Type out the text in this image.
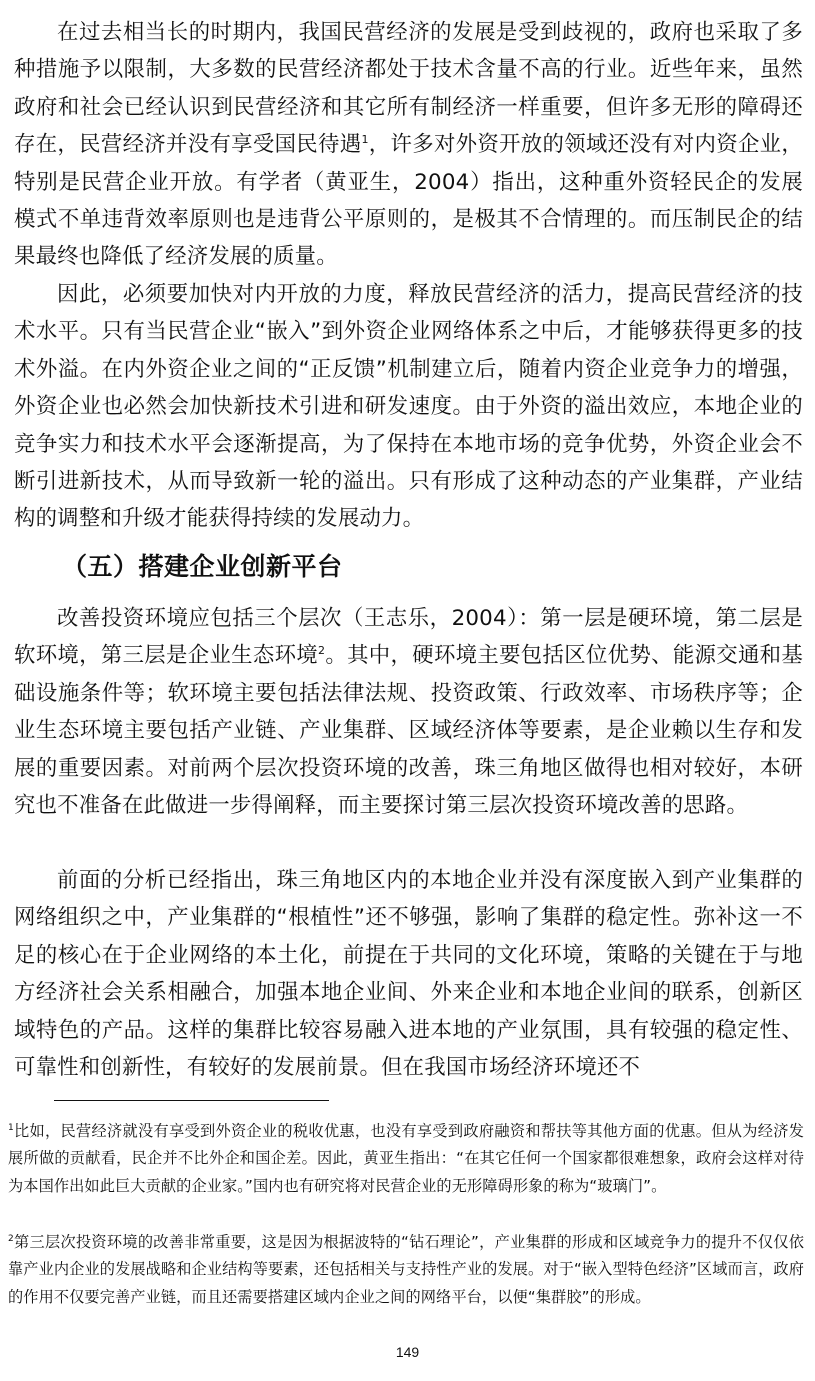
在过去相当长的时期内，我国民营经济的发展是受到歧视的，政府也采取了多种措施予以限制，大多数的民营经济都处于技术含量不高的行业。近些年来，虽然政府和社会已经认识到民营经济和其它所有制经济一样重要，但许多无形的障碍还存在，民营经济并没有享受国民待遇$^1$，许多对外资开放的领域还没有对内资企业，特别是民营企业开放。有学者（黄亚生，2004）指出，这种重外资轻民企的发展模式不单违背效率原则也是违背公平原则的，是极其不合情理的。而压制民企的结果最终也降低了经济发展的质量。

因此，必须要加快对内开放的力度，释放民营经济的活力，提高民营经济的技术水平。只有当民营企业“嵌入”到外资企业网络体系之中后，才能够获得更多的技术外溢。在内外资企业之间的“正反馈”机制建立后，随着内资企业竞争力的增强，外资企业也必然会加快新技术引进和研发速度。由于外资的溢出效应，本地企业的竞争实力和技术水平会逐渐提高，为了保持在本地市场的竞争优势，外资企业会不断引进新技术，从而导致新一轮的溢出。只有形成了这种动态的产业集群，产业结构的调整和升级才能获得持续的发展动力。

（五）搭建企业创新平台

改善投资环境应包括三个层次（王志乐，2004）：第一层是硬环境，第二层是软环境，第三层是企业生态环境$^2$。其中，硬环境主要包括区位优势、能源交通和基础设施条件等；软环境主要包括法律法规、投资政策、行政效率、市场秩序等；企业生态环境主要包括产业链、产业集群、区域经济体等要素，是企业赖以生存和发展的重要因素。对前两个层次投资环境的改善，珠三角地区做得也相对较好，本研究也不准备在此做进一步得阐释，而主要探讨第三层次投资环境改善的思路。

前面的分析已经指出，珠三角地区内的本地企业并没有深度嵌入到产业集群的网络组织之中，产业集群的“根植性”还不够强，影响了集群的稳定性。弥补这一不足的核心在于企业网络的本土化，前提在于共同的文化环境，策略的关键在于与地方经济社会关系相融合，加强本地企业间、外来企业和本地企业间的联系，创新区域特色的产品。这样的集群比较容易融入进本地的产业氛围，具有较强的稳定性、可靠性和创新性，有较好的发展前景。但在我国市场经济环境还不

$^1$比如，民营经济就没有享受到外资企业的税收优惠，也没有享受到政府融资和帮扶等其他方面的优惠。但从为经济发展所做的贡献看，民企并不比外企和国企差。因此，黄亚生指出：“在其它任何一个国家都很难想象，政府会这样对待为本国作出如此巨大贡献的企业家。”国内也有研究将对民营企业的无形障碍形象的称为“玻璃门”。

$^2$第三层次投资环境的改善非常重要，这是因为根据波特的“钻石理论”，产业集群的形成和区域竞争力的提升不仅仅依靠产业内企业的发展战略和企业结构等要素，还包括相关与支持性产业的发展。对于“嵌入型特色经济”区域而言，政府的作用不仅要完善产业链，而且还需要搭建区域内企业之间的网络平台，以便“集群胶”的形成。

149
